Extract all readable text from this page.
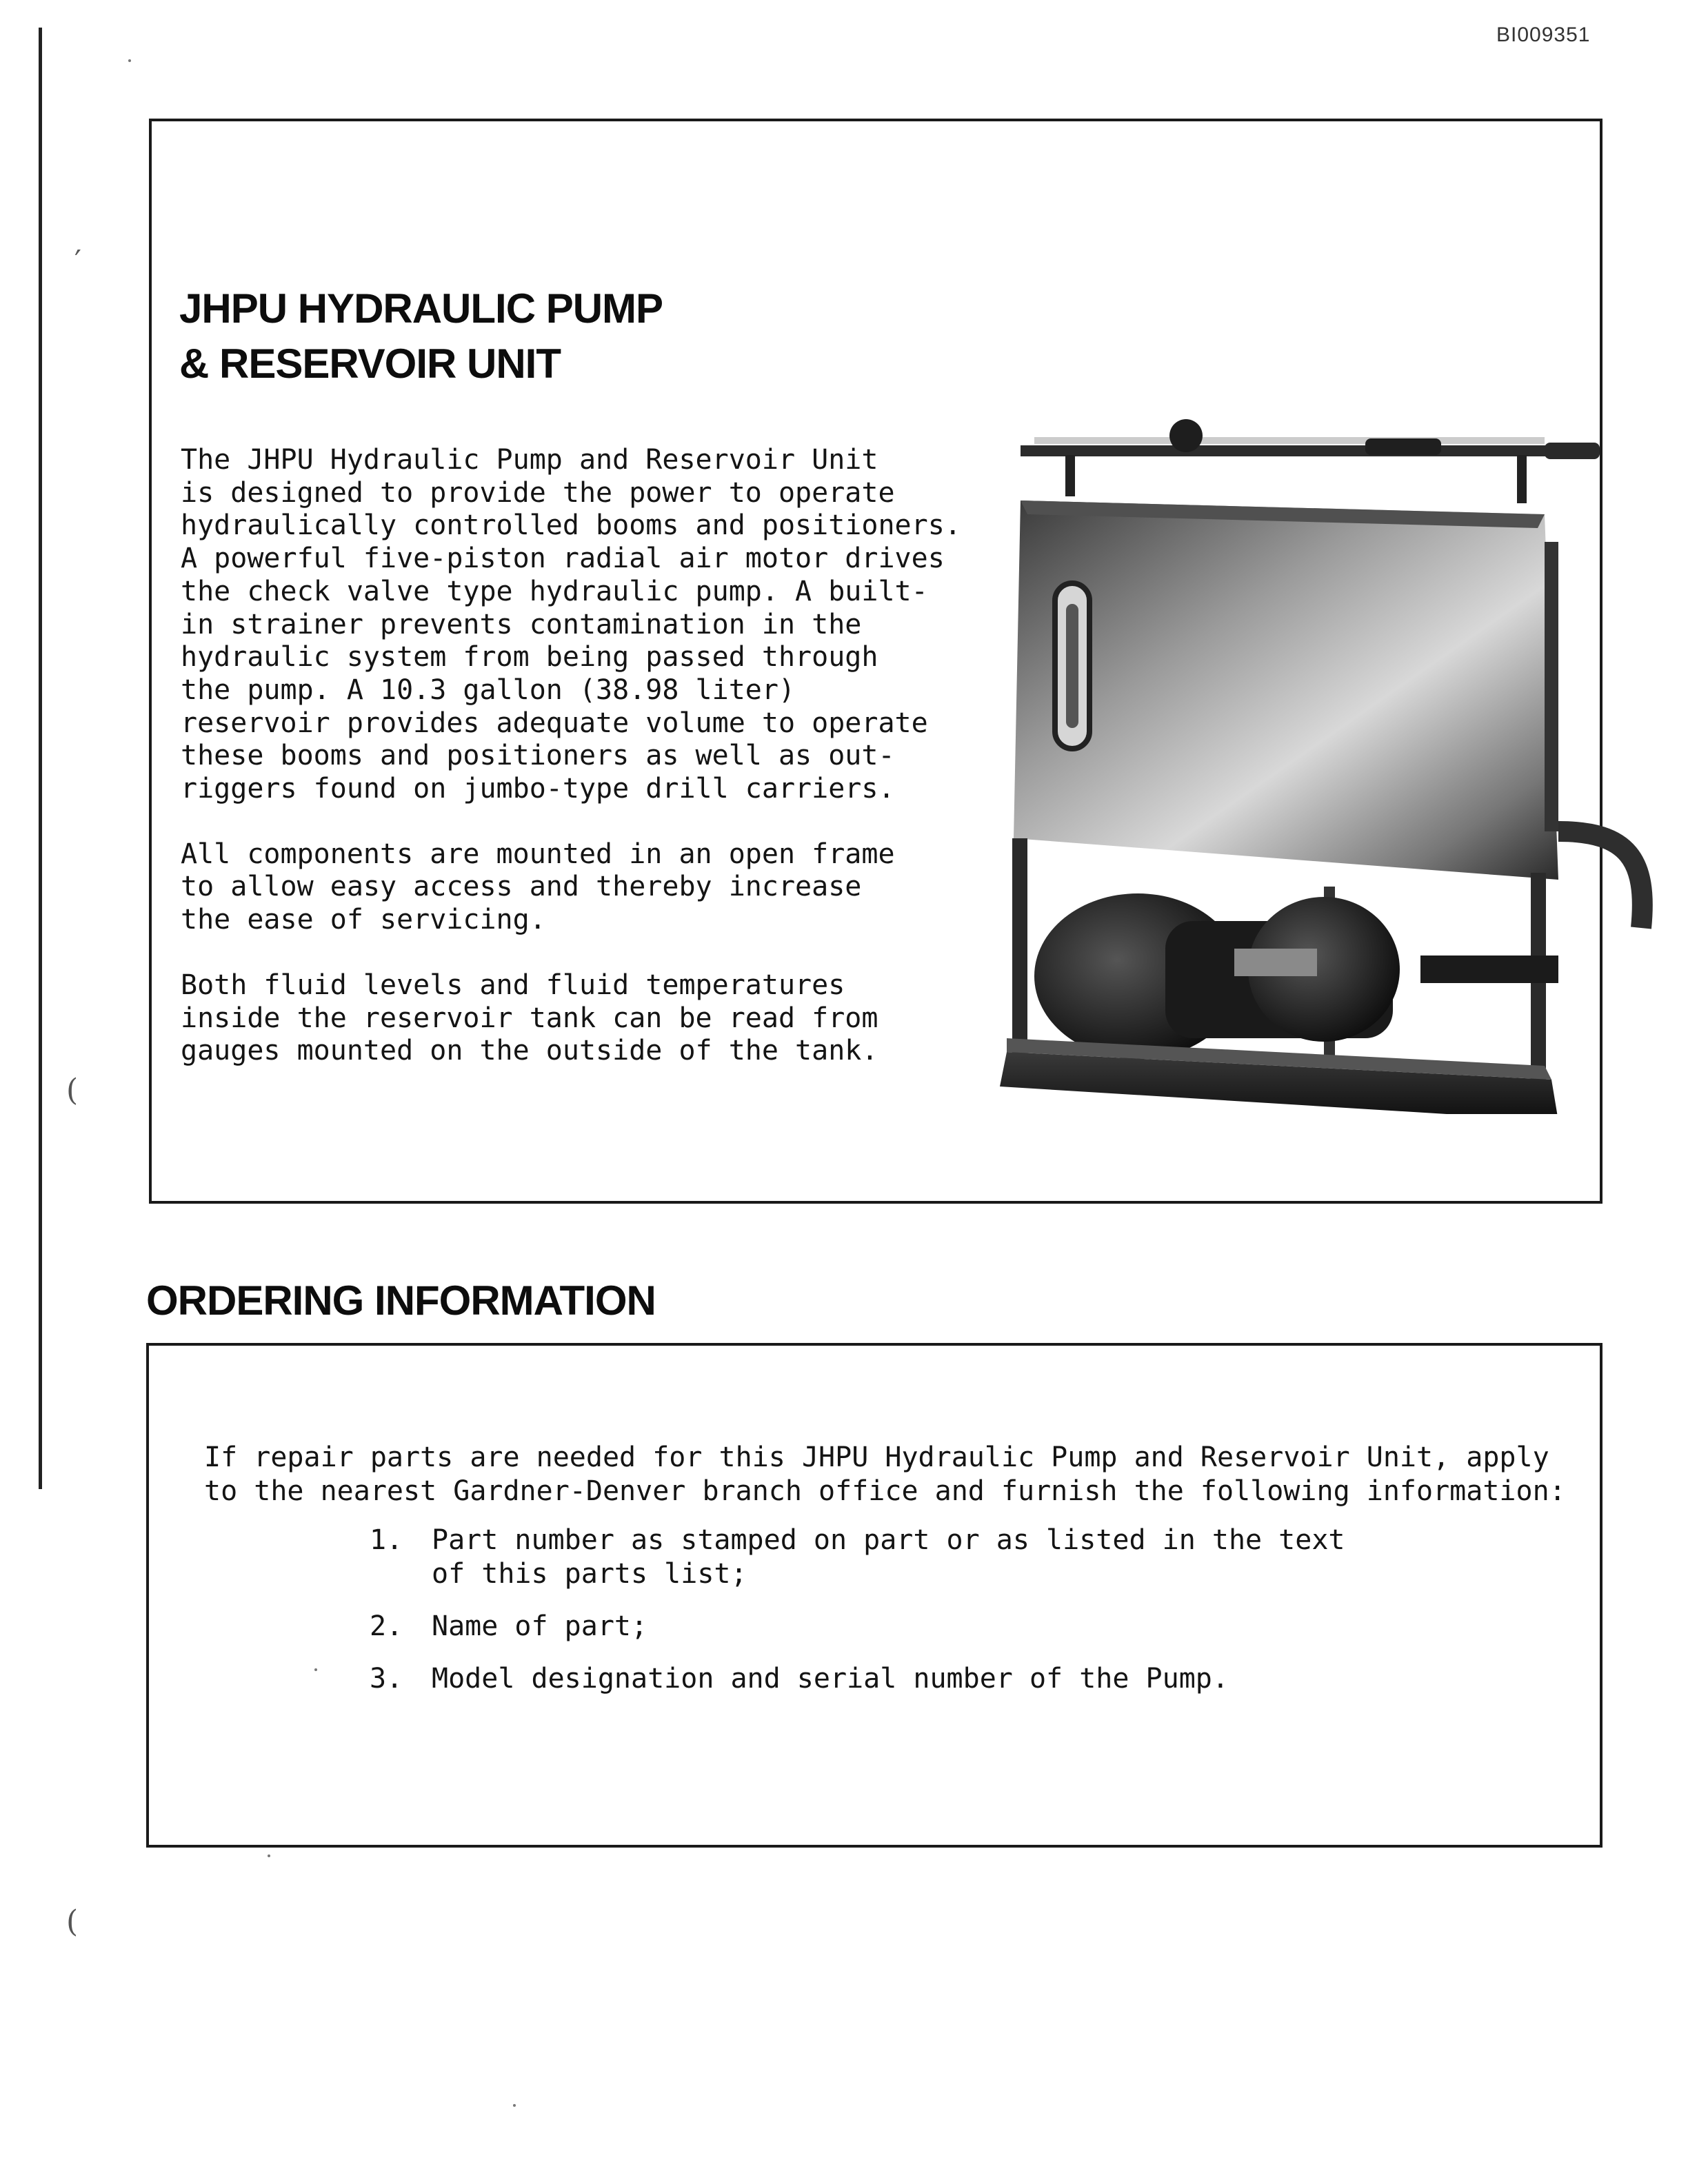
BI009351
′
(
(
JHPU HYDRAULIC PUMP
& RESERVOIR UNIT

The JHPU Hydraulic Pump and Reservoir Unit
is designed to provide the power to operate
hydraulically controlled booms and positioners.
A powerful five-piston radial air motor drives
the check valve type hydraulic pump. A built-
in strainer prevents contamination in the
hydraulic system from being passed through
the pump. A 10.3 gallon (38.98 liter)
reservoir provides adequate volume to operate
these booms and positioners as well as out-
riggers found on jumbo-type drill carriers.

All components are mounted in an open frame
to allow easy access and thereby increase
the ease of servicing.

Both fluid levels and fluid temperatures
inside the reservoir tank can be read from
gauges mounted on the outside of the tank.

ORDERING INFORMATION

If repair parts are needed for this JHPU Hydraulic Pump and Reservoir Unit, apply
to the nearest Gardner-Denver branch office and furnish the following information:

1.	Part number as stamped on part or as listed in the text
of this parts list;
2.	Name of part;
3.	Model designation and serial number of the Pump.
